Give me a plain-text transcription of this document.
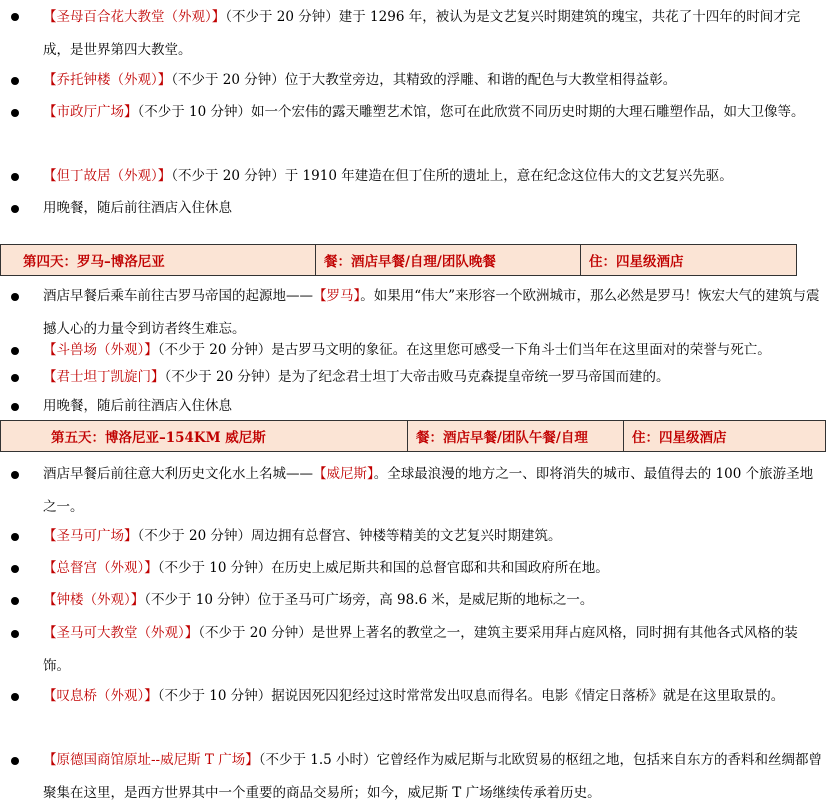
【圣母百合花大教堂（外观）】（不少于 20 分钟）建于 1296 年，被认为是文艺复兴时期建筑的瑰宝，共花了十四年的时间才完成，是世界第四大教堂。
【乔托钟楼（外观）】（不少于 20 分钟）位于大教堂旁边，其精致的浮雕、和谐的配色与大教堂相得益彰。
【市政厅广场】（不少于 10 分钟）如一个宏伟的露天雕塑艺术馆，您可在此欣赏不同历史时期的大理石雕塑作品，如大卫像等。
【但丁故居（外观）】（不少于 20 分钟）于 1910 年建造在但丁住所的遗址上，意在纪念这位伟大的文艺复兴先驱。
用晚餐，随后前往酒店入住休息
第四天：罗马–博洛尼亚	餐：酒店早餐/自理/团队晚餐	住：四星级酒店
酒店早餐后乘车前往古罗马帝国的起源地——【罗马】。如果用“伟大”来形容一个欧洲城市，那么必然是罗马！恢宏大气的建筑与震撼人心的力量令到访者终生难忘。
【斗兽场（外观）】（不少于 20 分钟）是古罗马文明的象征。在这里您可感受一下角斗士们当年在这里面对的荣誉与死亡。
【君士坦丁凯旋门】（不少于 20 分钟）是为了纪念君士坦丁大帝击败马克森提皇帝统一罗马帝国而建的。
用晚餐，随后前往酒店入住休息
第五天：博洛尼亚–154KM 威尼斯	餐：酒店早餐/团队午餐/自理	住：四星级酒店
酒店早餐后前往意大利历史文化水上名城——【威尼斯】。全球最浪漫的地方之一、即将消失的城市、最值得去的 100 个旅游圣地之一。
【圣马可广场】（不少于 20 分钟）周边拥有总督宫、钟楼等精美的文艺复兴时期建筑。
【总督宫（外观）】（不少于 10 分钟）在历史上威尼斯共和国的总督官邸和共和国政府所在地。
【钟楼（外观）】（不少于 10 分钟）位于圣马可广场旁，高 98.6 米，是威尼斯的地标之一。
【圣马可大教堂（外观）】（不少于 20 分钟）是世界上著名的教堂之一，建筑主要采用拜占庭风格，同时拥有其他各式风格的装饰。
【叹息桥（外观）】（不少于 10 分钟）据说因死囚犯经过这时常常发出叹息而得名。电影《情定日落桥》就是在这里取景的。
【原德国商馆原址--威尼斯 T 广场】（不少于 1.5 小时）它曾经作为威尼斯与北欧贸易的枢纽之地，包括来自东方的香料和丝绸都曾聚集在这里，是西方世界其中一个重要的商品交易所；如今，威尼斯 T 广场继续传承着历史。
